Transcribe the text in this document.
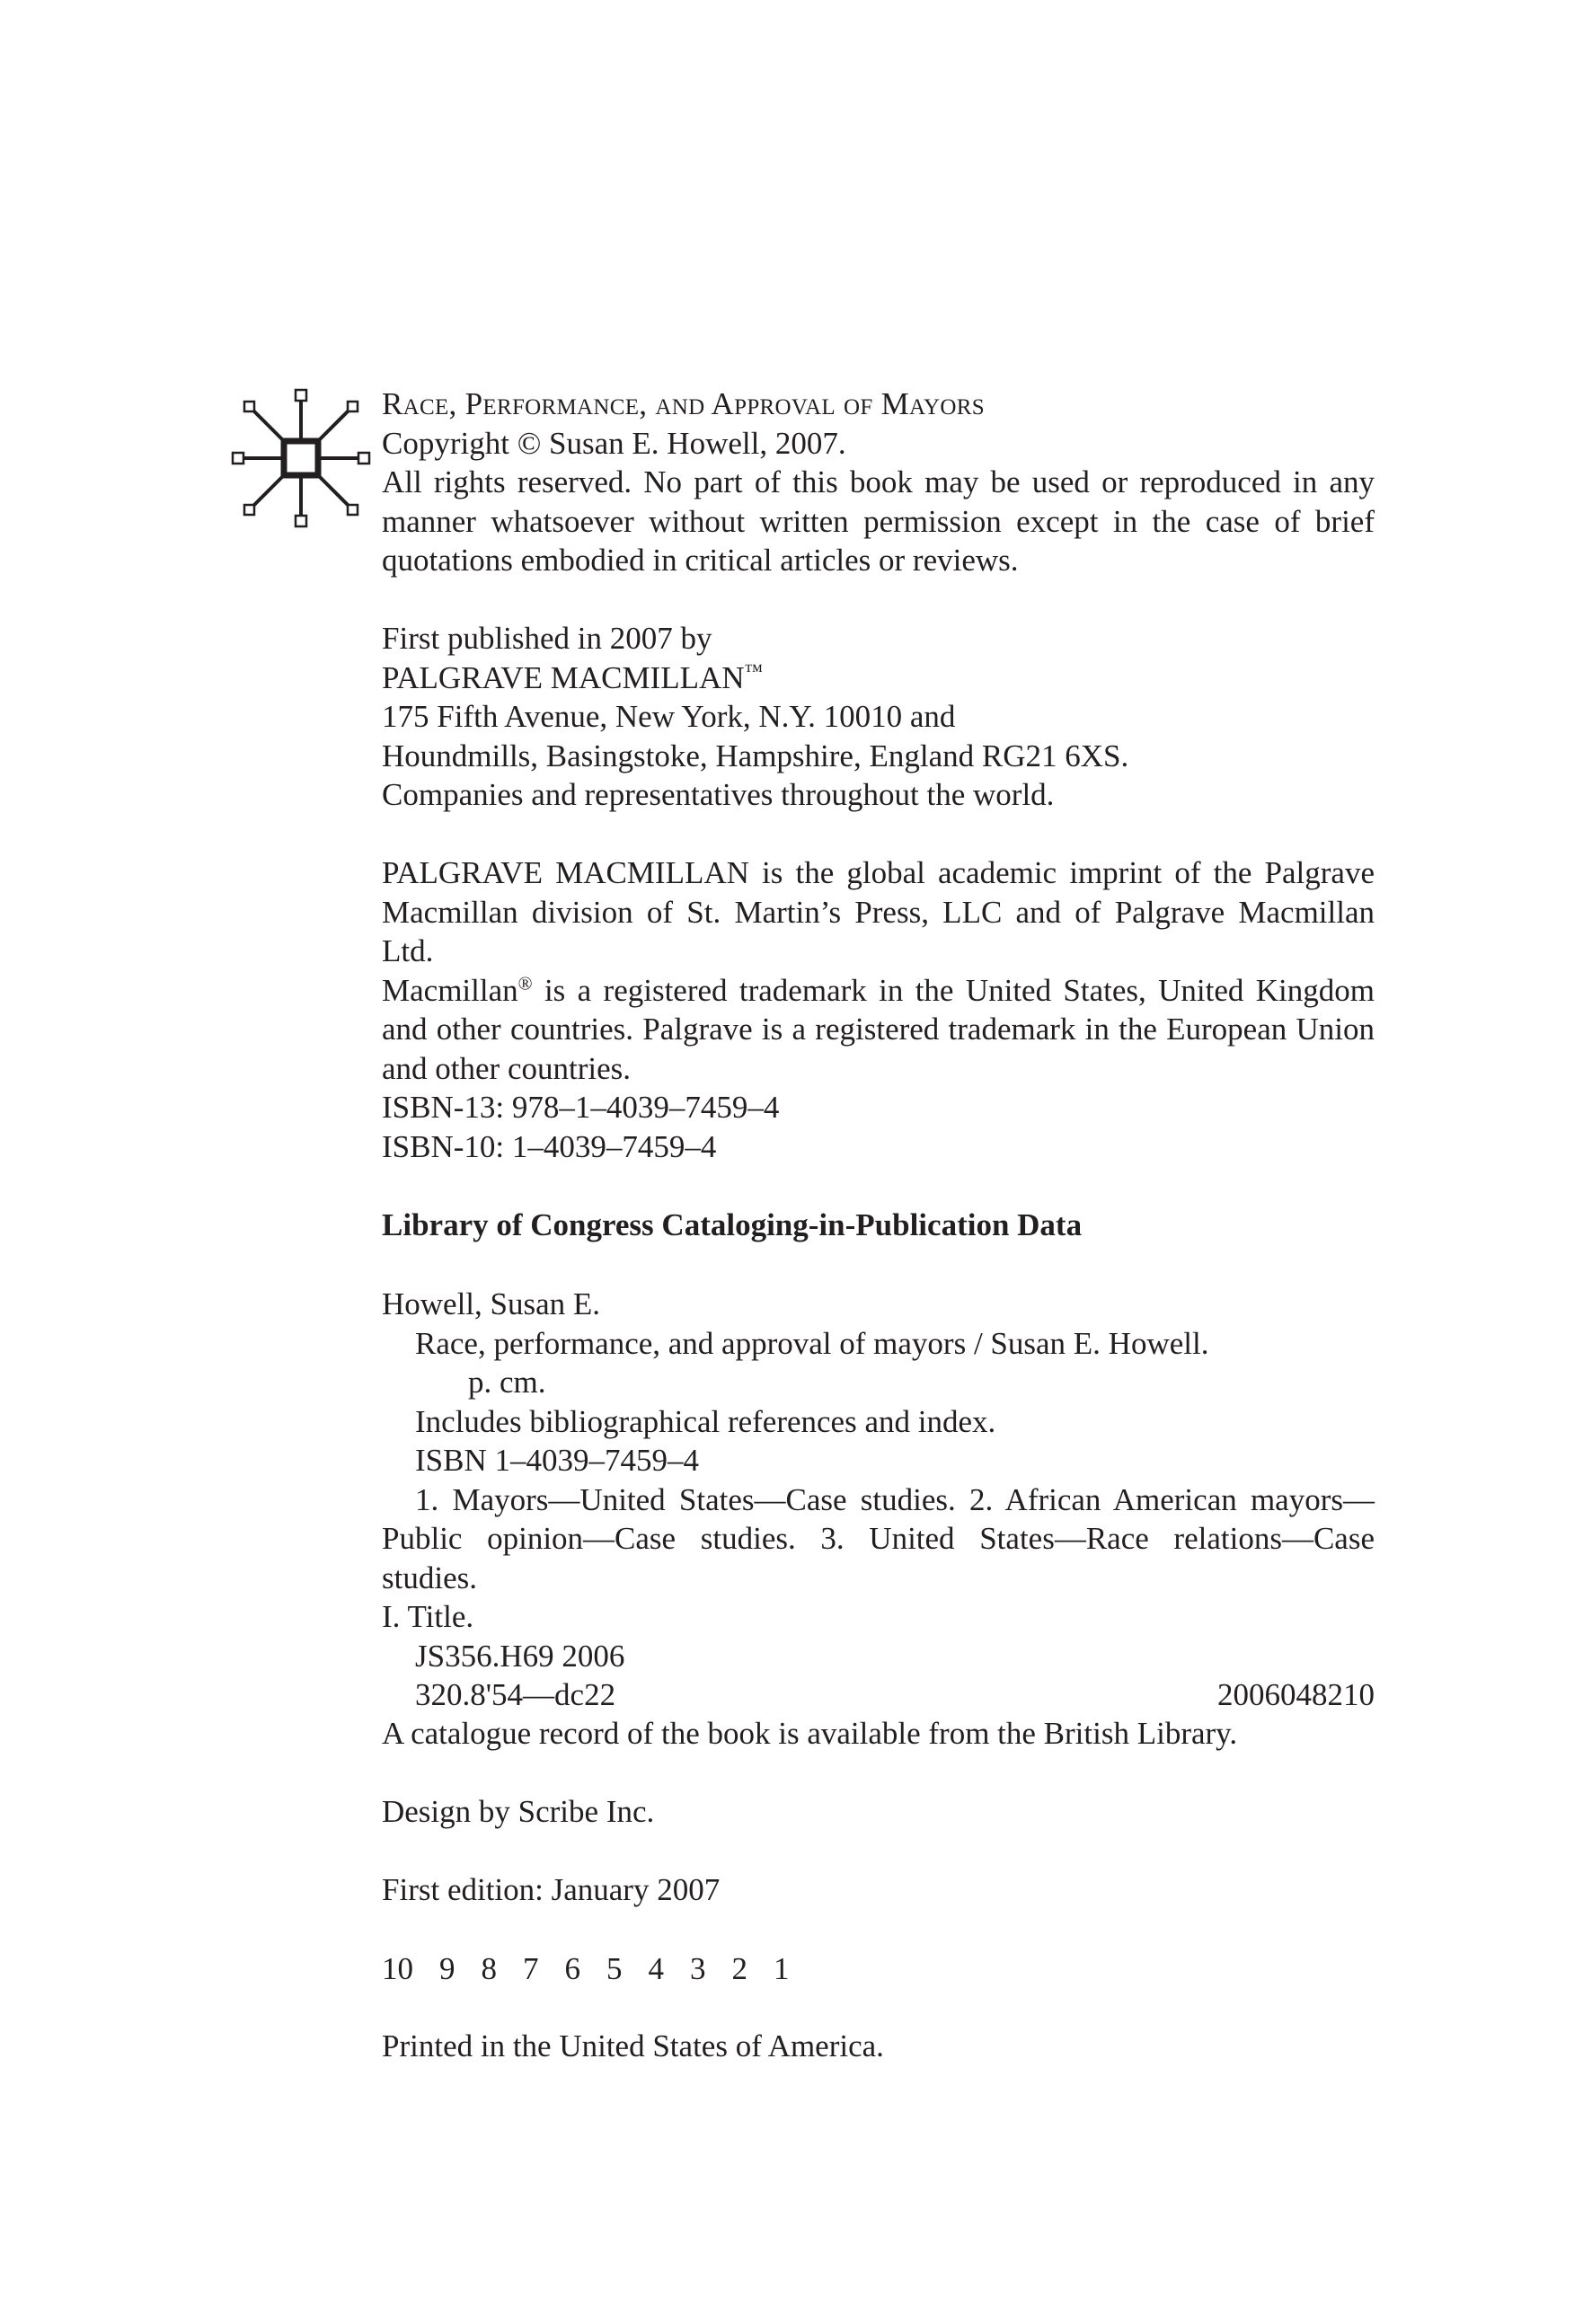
Race, Performance, and Approval of Mayors
Copyright © Susan E. Howell, 2007.
All rights reserved. No part of this book may be used or reproduced in any
manner whatsoever without written permission except in the case of brief
quotations embodied in critical articles or reviews.
First published in 2007 by
PALGRAVE MACMILLAN™
175 Fifth Avenue, New York, N.Y. 10010 and
Houndmills, Basingstoke, Hampshire, England RG21 6XS.
Companies and representatives throughout the world.
PALGRAVE MACMILLAN is the global academic imprint of the Palgrave
Macmillan division of St. Martin’s Press, LLC and of Palgrave Macmillan Ltd.
Macmillan® is a registered trademark in the United States, United Kingdom
and other countries. Palgrave is a registered trademark in the European Union
and other countries.
ISBN-13: 978–1–4039–7459–4
ISBN-10: 1–4039–7459–4
Library of Congress Cataloging-in-Publication Data
Howell, Susan E.
Race, performance, and approval of mayors / Susan E. Howell.
p. cm.
Includes bibliographical references and index.
ISBN 1–4039–7459–4
1. Mayors—United States—Case studies. 2. African American mayors—
Public opinion—Case studies. 3. United States—Race relations—Case studies.
I. Title.
JS356.H69 2006
320.8'54—dc22	2006048210
A catalogue record of the book is available from the British Library.
Design by Scribe Inc.
First edition: January 2007
10 9 8 7 6 5 4 3 2 1
Printed in the United States of America.
